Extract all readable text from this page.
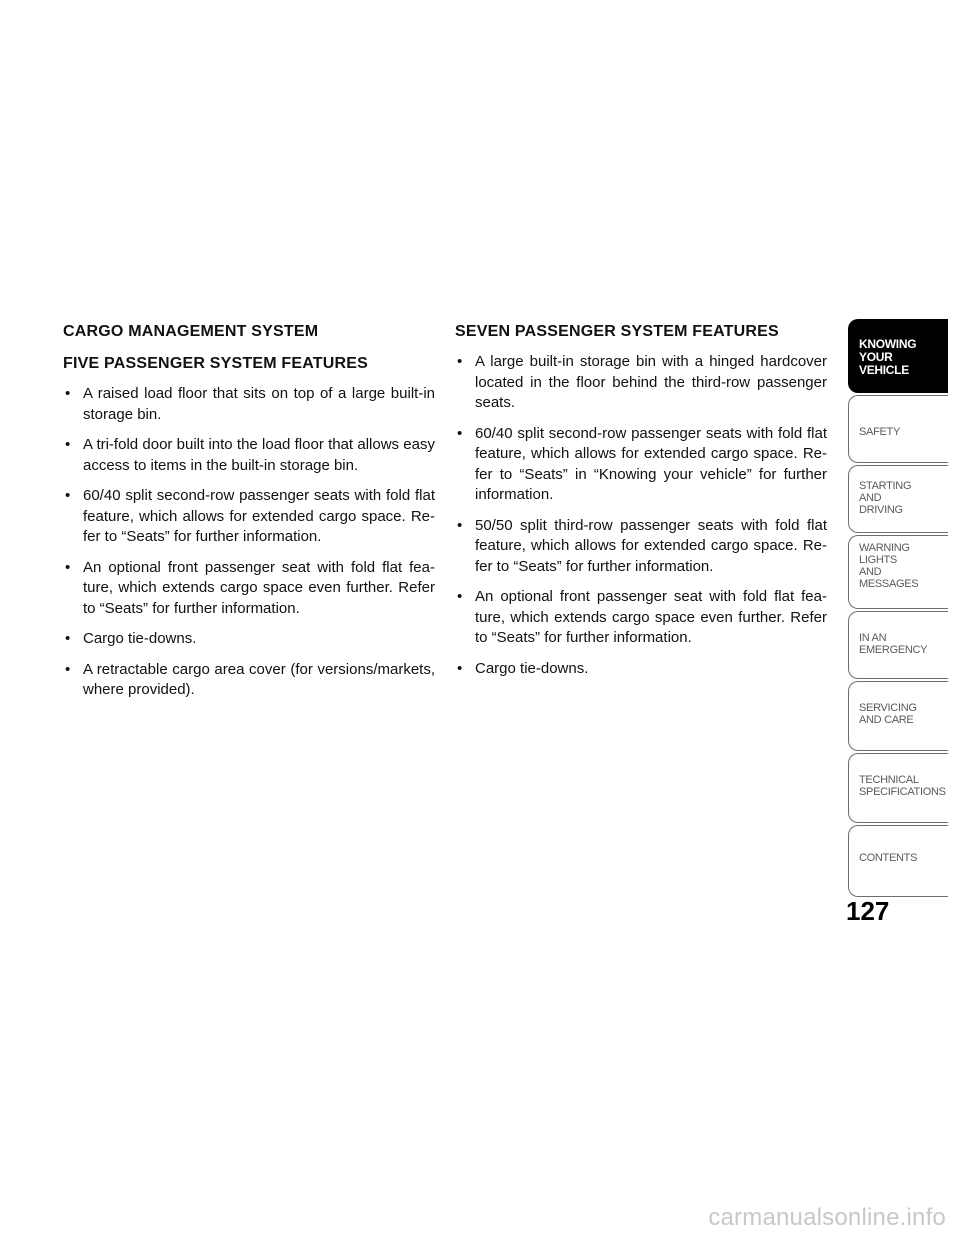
CARGO MANAGEMENT SYSTEM
FIVE PASSENGER SYSTEM FEATURES
• A raised load floor that sits on top of a large built-in storage bin.
• A tri-fold door built into the load floor that allows easy access to items in the built-in storage bin.
• 60/40 split second-row passenger seats with fold flat feature, which allows for extended cargo space. Re-fer to “Seats” for further information.
• An optional front passenger seat with fold flat fea-ture, which extends cargo space even further. Refer to “Seats” for further information.
• Cargo tie-downs.
• A retractable cargo area cover (for versions/markets, where provided).
SEVEN PASSENGER SYSTEM FEATURES
• A large built-in storage bin with a hinged hardcover located in the floor behind the third-row passenger seats.
• 60/40 split second-row passenger seats with fold flat feature, which allows for extended cargo space. Re-fer to “Seats” in “Knowing your vehicle” for further information.
• 50/50 split third-row passenger seats with fold flat feature, which allows for extended cargo space. Re-fer to “Seats” for further information.
• An optional front passenger seat with fold flat fea-ture, which extends cargo space even further. Refer to “Seats” for further information.
• Cargo tie-downs.
KNOWING
YOUR
VEHICLE
SAFETY
STARTING
AND
DRIVING
WARNING
LIGHTS
AND
MESSAGES
IN AN
EMERGENCY
SERVICING
AND CARE
TECHNICAL
SPECIFICATIONS
CONTENTS
127
carmanualsonline.info
